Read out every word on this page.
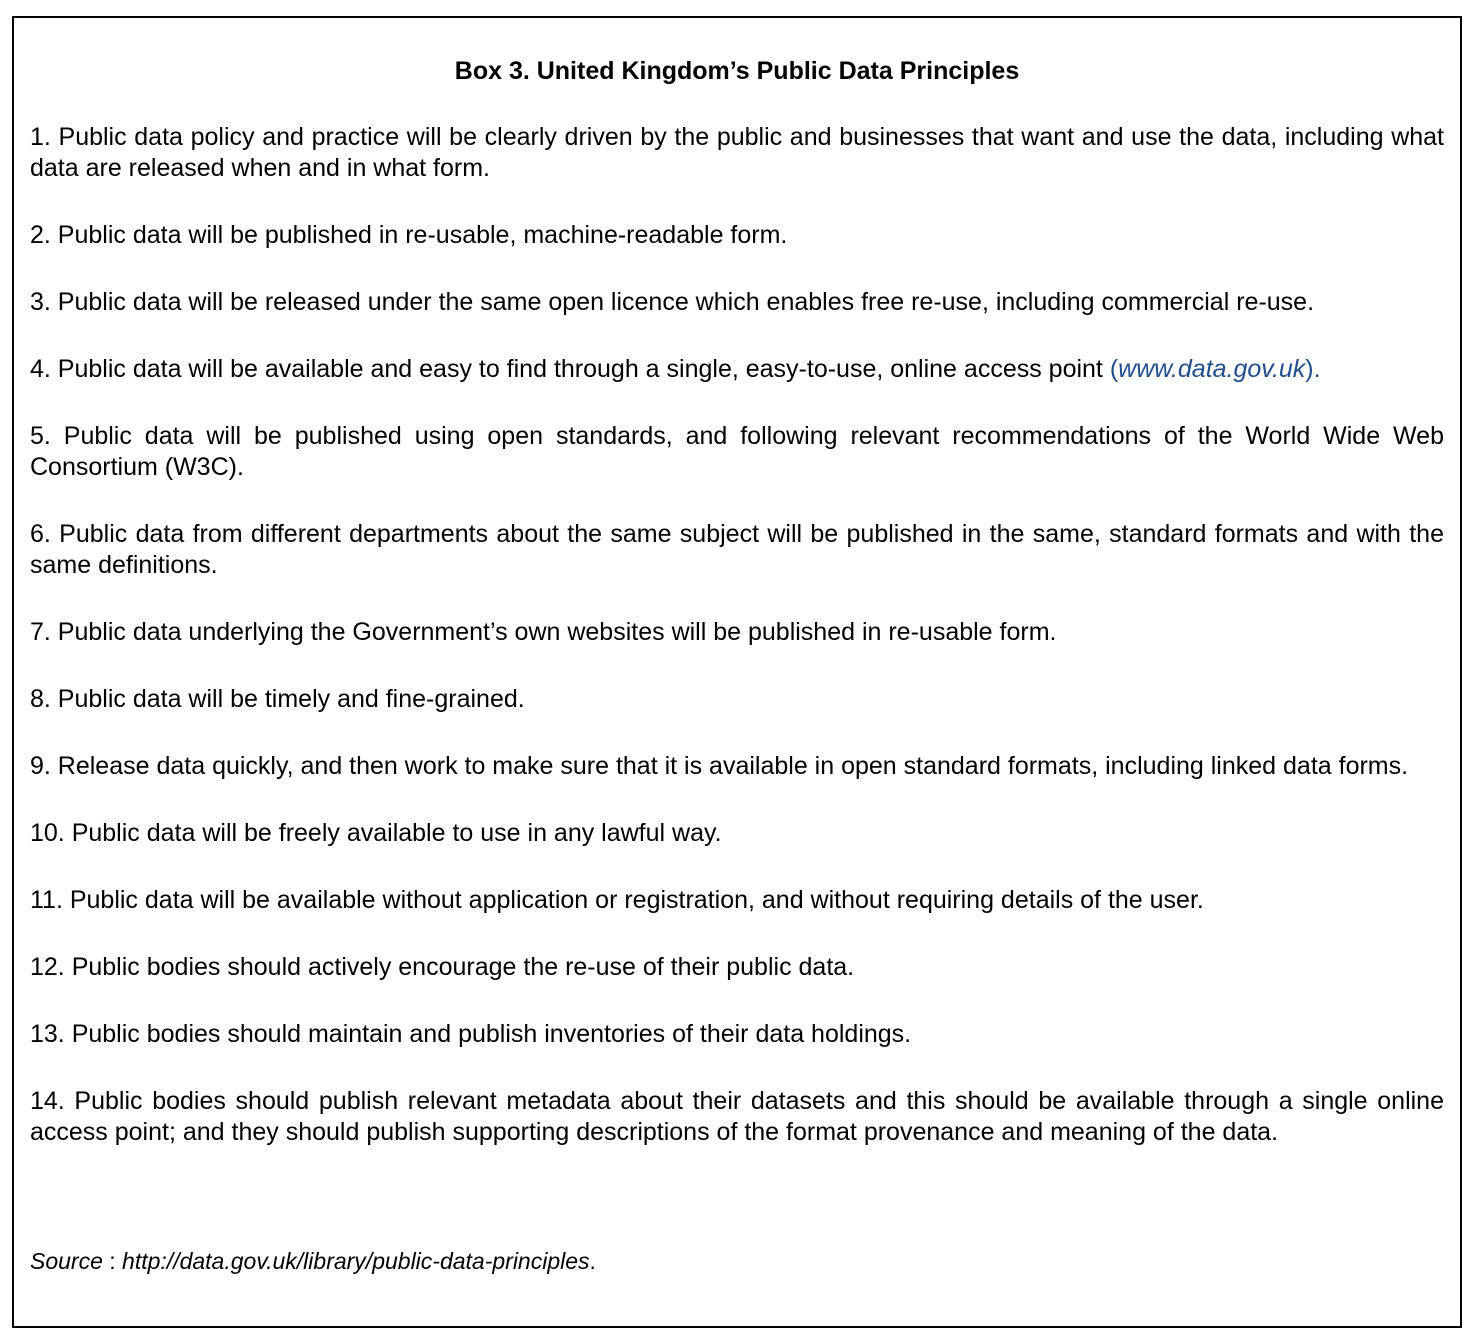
Box 3. United Kingdom’s Public Data Principles

1. Public data policy and practice will be clearly driven by the public and businesses that want and use the data, including what data are released when and in what form.

2. Public data will be published in re-usable, machine-readable form.

3. Public data will be released under the same open licence which enables free re-use, including commercial re-use.

4. Public data will be available and easy to find through a single, easy-to-use, online access point (www.data.gov.uk).

5. Public data will be published using open standards, and following relevant recommendations of the World Wide Web Consortium (W3C).

6. Public data from different departments about the same subject will be published in the same, standard formats and with the same definitions.

7. Public data underlying the Government’s own websites will be published in re-usable form.

8. Public data will be timely and fine-grained.

9. Release data quickly, and then work to make sure that it is available in open standard formats, including linked data forms.

10. Public data will be freely available to use in any lawful way.

11. Public data will be available without application or registration, and without requiring details of the user.

12. Public bodies should actively encourage the re-use of their public data.

13. Public bodies should maintain and publish inventories of their data holdings.

14. Public bodies should publish relevant metadata about their datasets and this should be available through a single online access point; and they should publish supporting descriptions of the format provenance and meaning of the data.

Source : http://data.gov.uk/library/public-data-principles.
